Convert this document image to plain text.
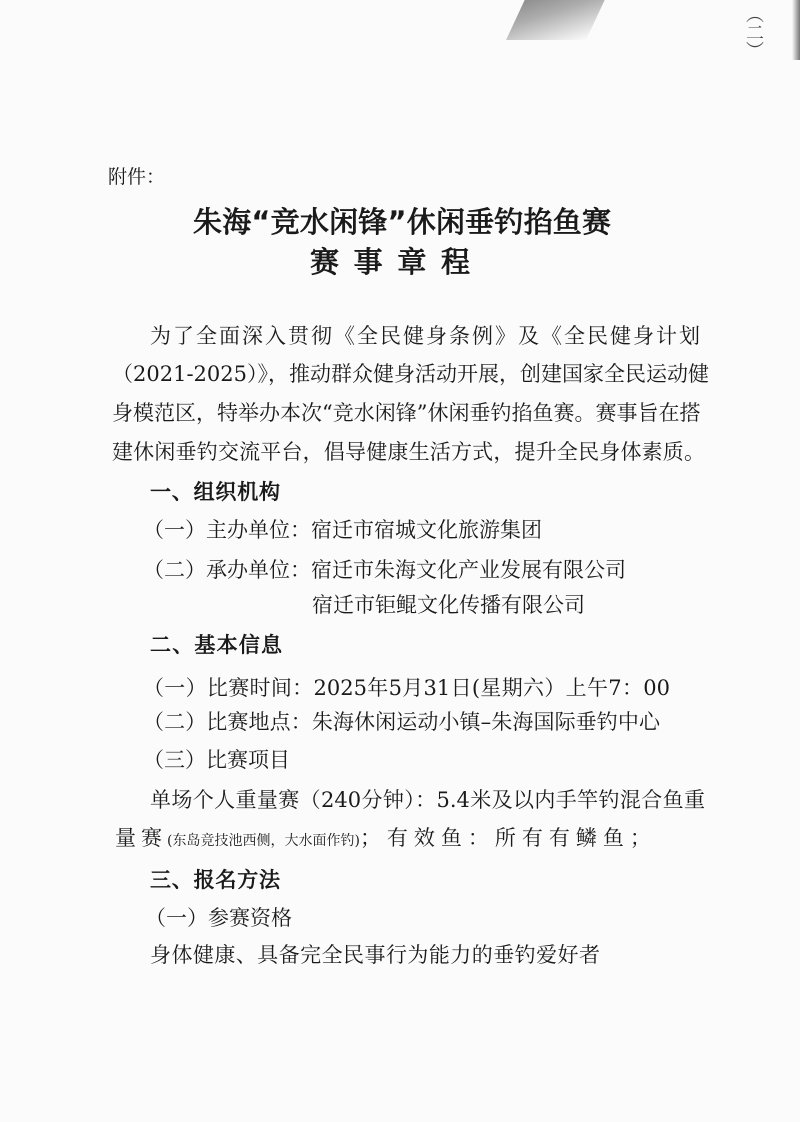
（二）
附件：
朱海“竞水闲锋”休闲垂钓掐鱼赛
赛事章程
为了全面深入贯彻《全民健身条例》及《全民健身计划
（2021-2025）》，推动群众健身活动开展，创建国家全民运动健
身模范区，特举办本次“竞水闲锋”休闲垂钓掐鱼赛。赛事旨在搭
建休闲垂钓交流平台，倡导健康生活方式，提升全民身体素质。
一、组织机构
（一）主办单位：宿迁市宿城文化旅游集团
（二）承办单位：宿迁市朱海文化产业发展有限公司
宿迁市钜鲲文化传播有限公司
二、基本信息
（一）比赛时间：2025年5月31日(星期六）上午7：00
（二）比赛地点：朱海休闲运动小镇–朱海国际垂钓中心
（三）比赛项目
单场个人重量赛（240分钟）：5.4米及以内手竿钓混合鱼重
量赛(东岛竞技池西侧，大水面作钓)；有效鱼：所有有鳞鱼；
三、报名方法
（一）参赛资格
身体健康、具备完全民事行为能力的垂钓爱好者
